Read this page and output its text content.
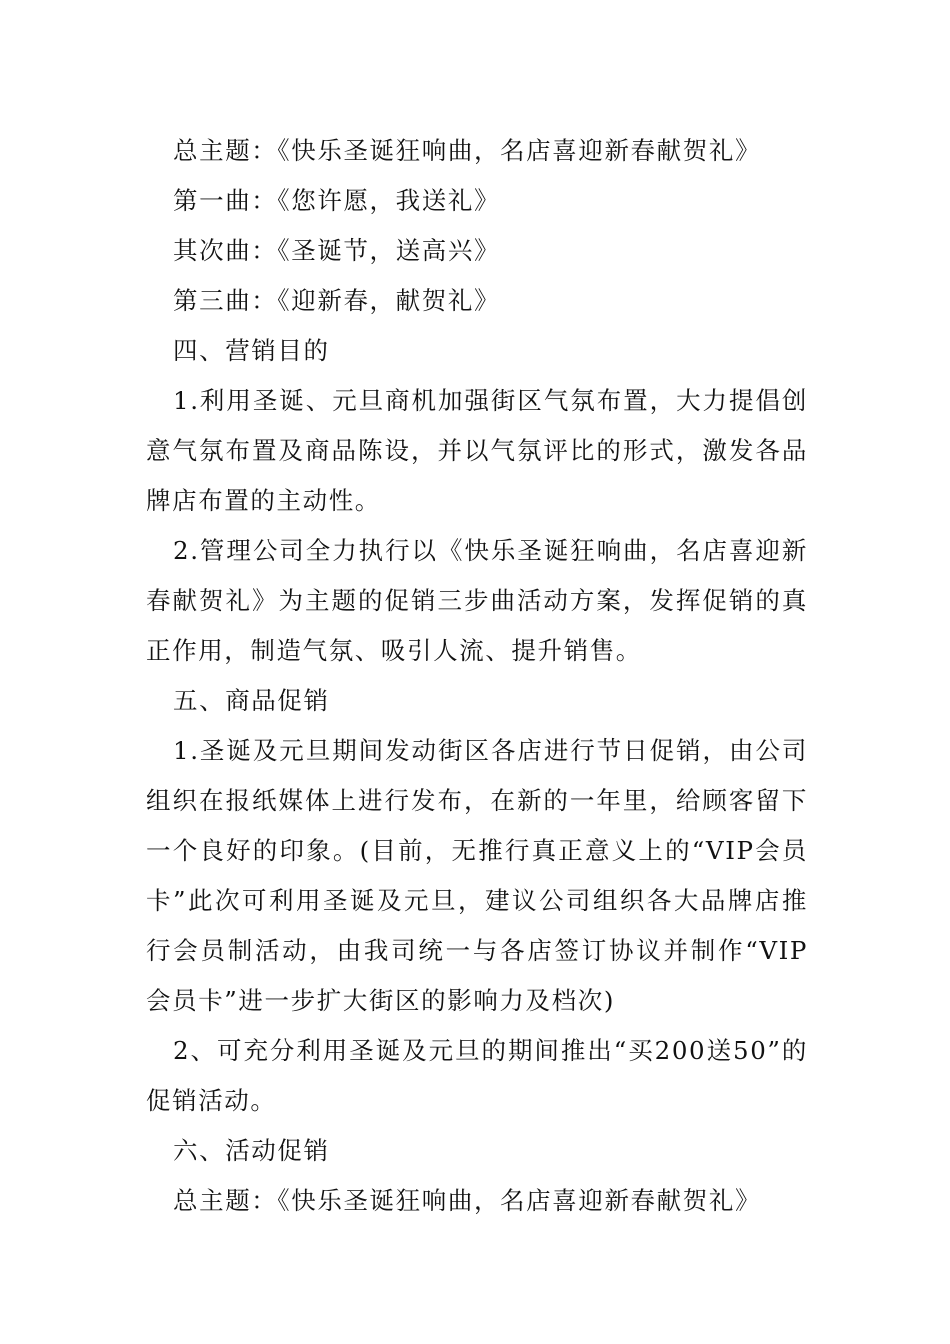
总主题：《快乐圣诞狂响曲，名店喜迎新春献贺礼》

第一曲：《您许愿，我送礼》

其次曲：《圣诞节，送高兴》

第三曲：《迎新春，献贺礼》

四、营销目的

1.利用圣诞、元旦商机加强街区气氛布置，大力提倡创意气氛布置及商品陈设，并以气氛评比的形式，激发各品牌店布置的主动性。

2.管理公司全力执行以《快乐圣诞狂响曲，名店喜迎新春献贺礼》为主题的促销三步曲活动方案，发挥促销的真正作用，制造气氛、吸引人流、提升销售。

五、商品促销

1.圣诞及元旦期间发动街区各店进行节日促销，由公司组织在报纸媒体上进行发布，在新的一年里，给顾客留下一个良好的印象。(目前，无推行真正意义上的“VIP会员卡”此次可利用圣诞及元旦，建议公司组织各大品牌店推行会员制活动，由我司统一与各店签订协议并制作“VIP会员卡”进一步扩大街区的影响力及档次)

2、可充分利用圣诞及元旦的期间推出“买200送50”的促销活动。

六、活动促销

总主题：《快乐圣诞狂响曲，名店喜迎新春献贺礼》
